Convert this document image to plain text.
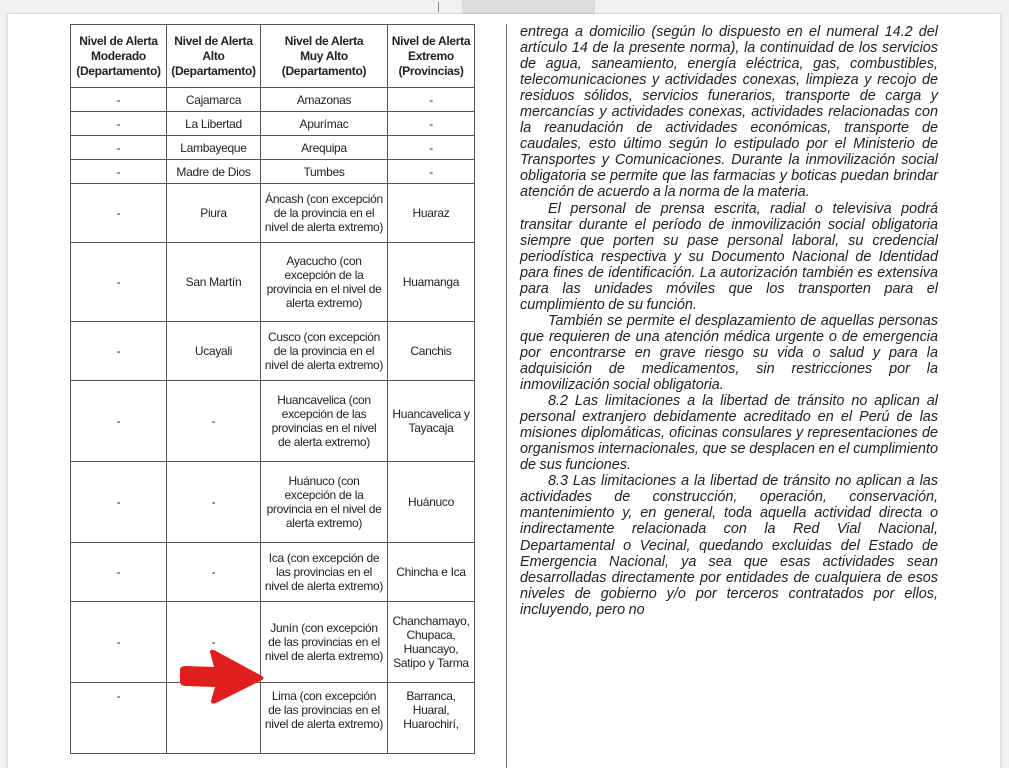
Nivel de Alerta
Moderado
(Departamento)	Nivel de Alerta
Alto
(Departamento)	Nivel de Alerta
Muy Alto
(Departamento)	Nivel de Alerta
Extremo
(Provincias)
-	Cajamarca	Amazonas	-
-	La Libertad	Apurímac	-
-	Lambayeque	Arequipa	-
-	Madre de Dios	Tumbes	-
-	Piura	Áncash (con excepción
de la provincia en el
nivel de alerta extremo)	Huaraz
-	San Martín	Ayacucho (con
excepción de la
provincia en el nivel de
alerta extremo)	Huamanga
-	Ucayali	Cusco (con excepción
de la provincia en el
nivel de alerta extremo)	Canchis
-	-	Huancavelica (con
excepción de las
provincias en el nivel
de alerta extremo)	Huancavelica y
Tayacaja
-	-	Huánuco (con
excepción de la
provincia en el nivel de
alerta extremo)	Huánuco
-	-	Ica (con excepción de
las provincias en el
nivel de alerta extremo)	Chincha e Ica
-	-	Junín (con excepción
de las provincias en el
nivel de alerta extremo)	Chanchamayo,
Chupaca,
Huancayo,
Satipo y Tarma
-		Lima (con excepción
de las provincias en el
nivel de alerta extremo)	Barranca,
Huaral,
Huarochirí,

entrega a domicilio (según lo dispuesto en el numeral 14.2 del artículo 14 de la presente norma), la continuidad de los servicios de agua, saneamiento, energía eléctrica, gas, combustibles, telecomunicaciones y actividades conexas, limpieza y recojo de residuos sólidos, servicios funerarios, transporte de carga y mercancías y actividades conexas, actividades relacionadas con la reanudación de actividades económicas, transporte de caudales, esto último según lo estipulado por el Ministerio de Transportes y Comunicaciones. Durante la inmovilización social obligatoria se permite que las farmacias y boticas puedan brindar atención de acuerdo a la norma de la materia.

El personal de prensa escrita, radial o televisiva podrá transitar durante el período de inmovilización social obligatoria siempre que porten su pase personal laboral, su credencial periodística respectiva y su Documento Nacional de Identidad para fines de identificación. La autorización también es extensiva para las unidades móviles que los transporten para el cumplimiento de su función.

También se permite el desplazamiento de aquellas personas que requieren de una atención médica urgente o de emergencia por encontrarse en grave riesgo su vida o salud y para la adquisición de medicamentos, sin restricciones por la inmovilización social obligatoria.

8.2 Las limitaciones a la libertad de tránsito no aplican al personal extranjero debidamente acreditado en el Perú de las misiones diplomáticas, oficinas consulares y representaciones de organismos internacionales, que se desplacen en el cumplimiento de sus funciones.

8.3 Las limitaciones a la libertad de tránsito no aplican a las actividades de construcción, operación, conservación, mantenimiento y, en general, toda aquella actividad directa o indirectamente relacionada con la Red Vial Nacional, Departamental o Vecinal, quedando excluidas del Estado de Emergencia Nacional, ya sea que esas actividades sean desarrolladas directamente por entidades de cualquiera de esos niveles de gobierno y/o por terceros contratados por ellos, incluyendo, pero no
